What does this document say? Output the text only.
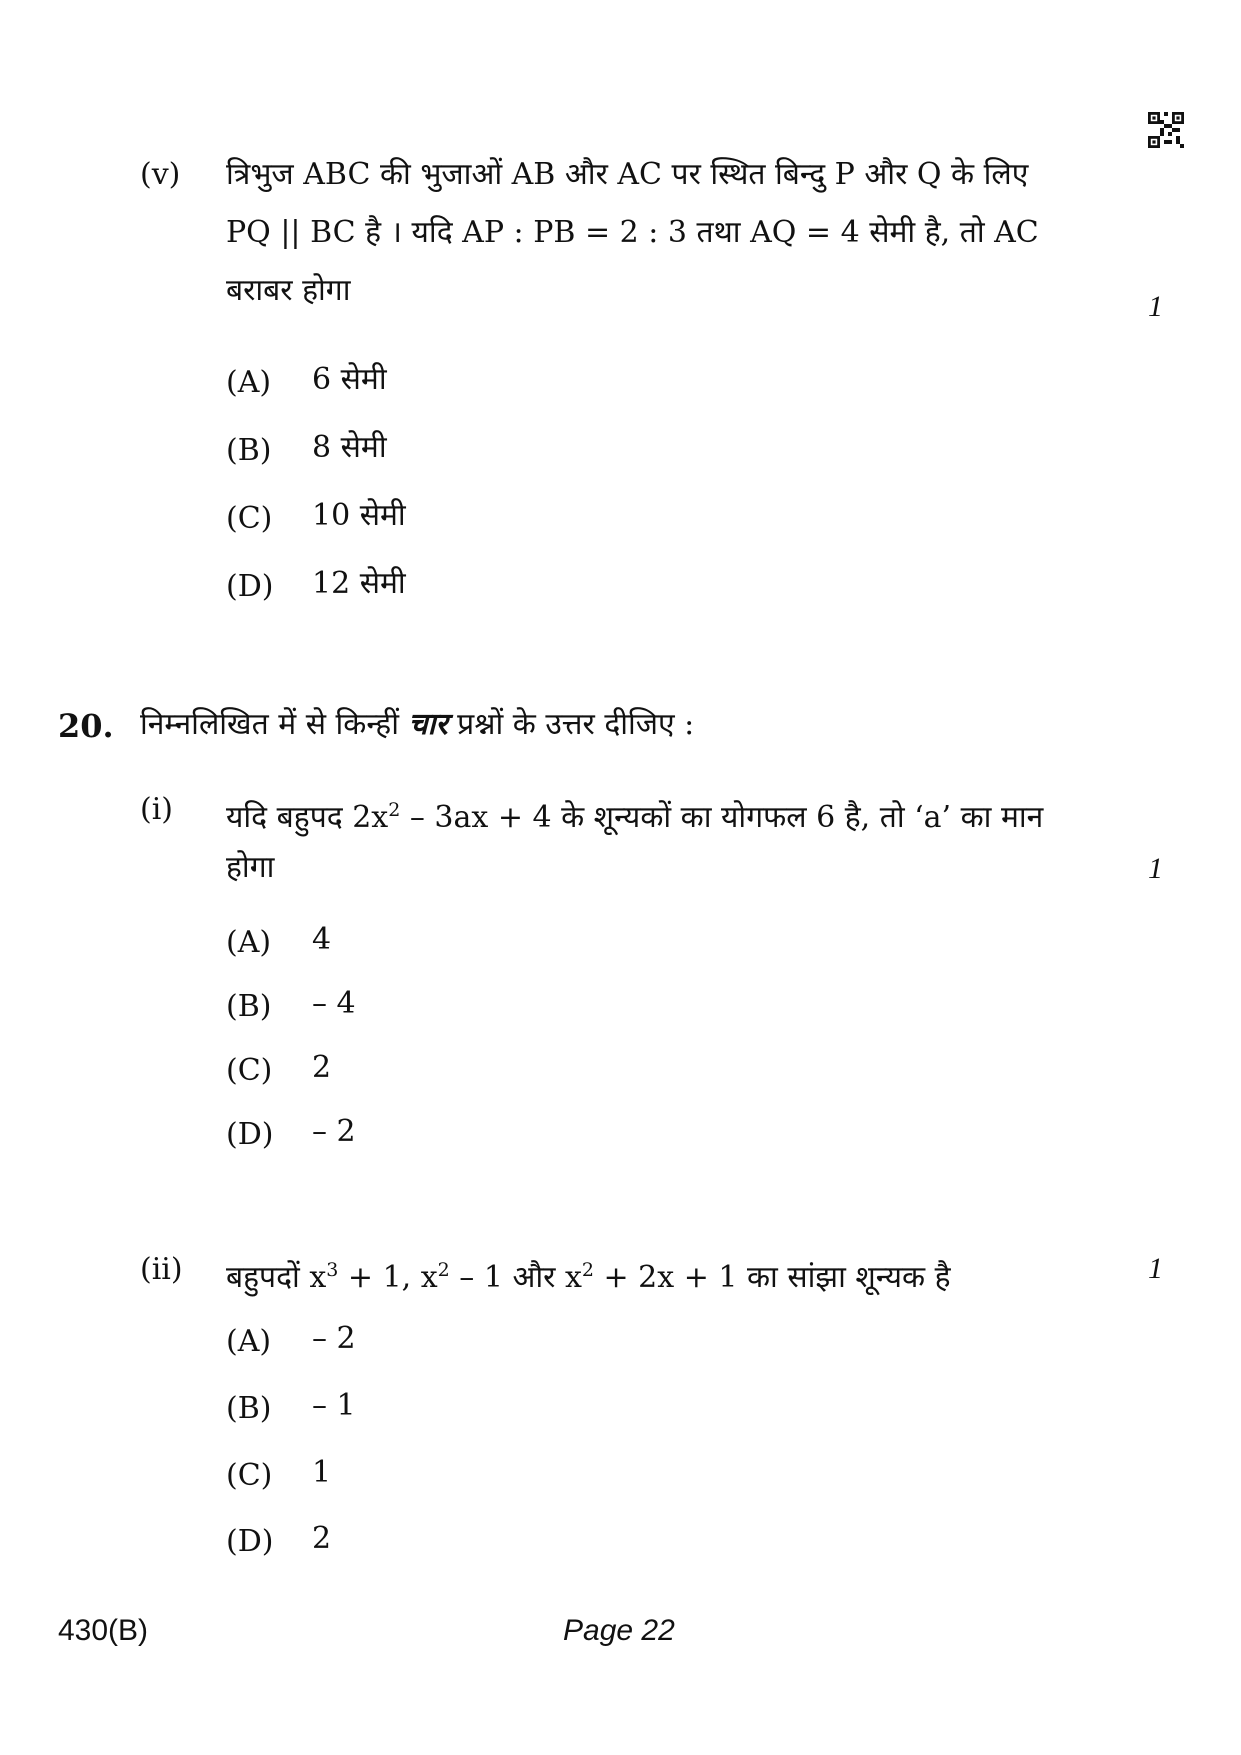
(v) त्रिभुज ABC की भुजाओं AB और AC पर स्थित बिन्दु P और Q के लिए
PQ || BC है । यदि AP : PB = 2 : 3 तथा AQ = 4 सेमी है, तो AC
बराबर होगा	1
(A) 6 सेमी
(B) 8 सेमी
(C) 10 सेमी
(D) 12 सेमी
20. निम्नलिखित में से किन्हीं चार प्रश्नों के उत्तर दीजिए :
(i) यदि बहुपद $2x^2 - 3ax + 4$ के शून्यकों का योगफल 6 है, तो ‘a’ का मान
होगा	1
(A) 4
(B) – 4
(C) 2
(D) – 2
(ii) बहुपदों $x^3 + 1$, $x^2 - 1$ और $x^2 + 2x + 1$ का सांझा शून्यक है	1
(A) – 2
(B) – 1
(C) 1
(D) 2
430(B)	Page 22
